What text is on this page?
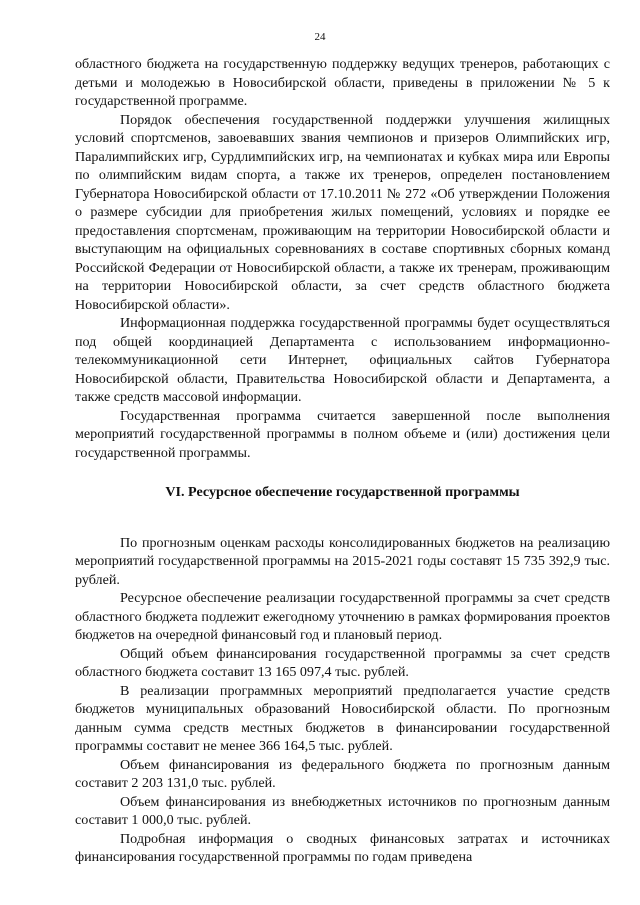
24

областного бюджета на государственную поддержку ведущих тренеров, работающих с детьми и молодежью в Новосибирской области, приведены в приложении № 5 к государственной программе.

Порядок обеспечения государственной поддержки улучшения жилищных условий спортсменов, завоевавших звания чемпионов и призеров Олимпийских игр, Паралимпийских игр, Сурдлимпийских игр, на чемпионатах и кубках мира или Европы по олимпийским видам спорта, а также их тренеров, определен постановлением Губернатора Новосибирской области от 17.10.2011 № 272 «Об утверждении Положения о размере субсидии для приобретения жилых помещений, условиях и порядке ее предоставления спортсменам, проживающим на территории Новосибирской области и выступающим на официальных соревнованиях в составе спортивных сборных команд Российской Федерации от Новосибирской области, а также их тренерам, проживающим на территории Новосибирской области, за счет средств областного бюджета Новосибирской области».

Информационная поддержка государственной программы будет осуществляться под общей координацией Департамента с использованием информационно-телекоммуникационной сети Интернет, официальных сайтов Губернатора Новосибирской области, Правительства Новосибирской области и Департамента, а также средств массовой информации.

Государственная программа считается завершенной после выполнения мероприятий государственной программы в полном объеме и (или) достижения цели государственной программы.

VI. Ресурсное обеспечение государственной программы

По прогнозным оценкам расходы консолидированных бюджетов на реализацию мероприятий государственной программы на 2015-2021 годы составят 15 735 392,9 тыс. рублей.

Ресурсное обеспечение реализации государственной программы за счет средств областного бюджета подлежит ежегодному уточнению в рамках формирования проектов бюджетов на очередной финансовый год и плановый период.

Общий объем финансирования государственной программы за счет средств областного бюджета составит 13 165 097,4 тыс. рублей.

В реализации программных мероприятий предполагается участие средств бюджетов муниципальных образований Новосибирской области. По прогнозным данным сумма средств местных бюджетов в финансировании государственной программы составит не менее 366 164,5 тыс. рублей.

Объем финансирования из федерального бюджета по прогнозным данным составит 2 203 131,0 тыс. рублей.

Объем финансирования из внебюджетных источников по прогнозным данным составит 1 000,0 тыс. рублей.

Подробная информация о сводных финансовых затратах и источниках финансирования государственной программы по годам приведена
